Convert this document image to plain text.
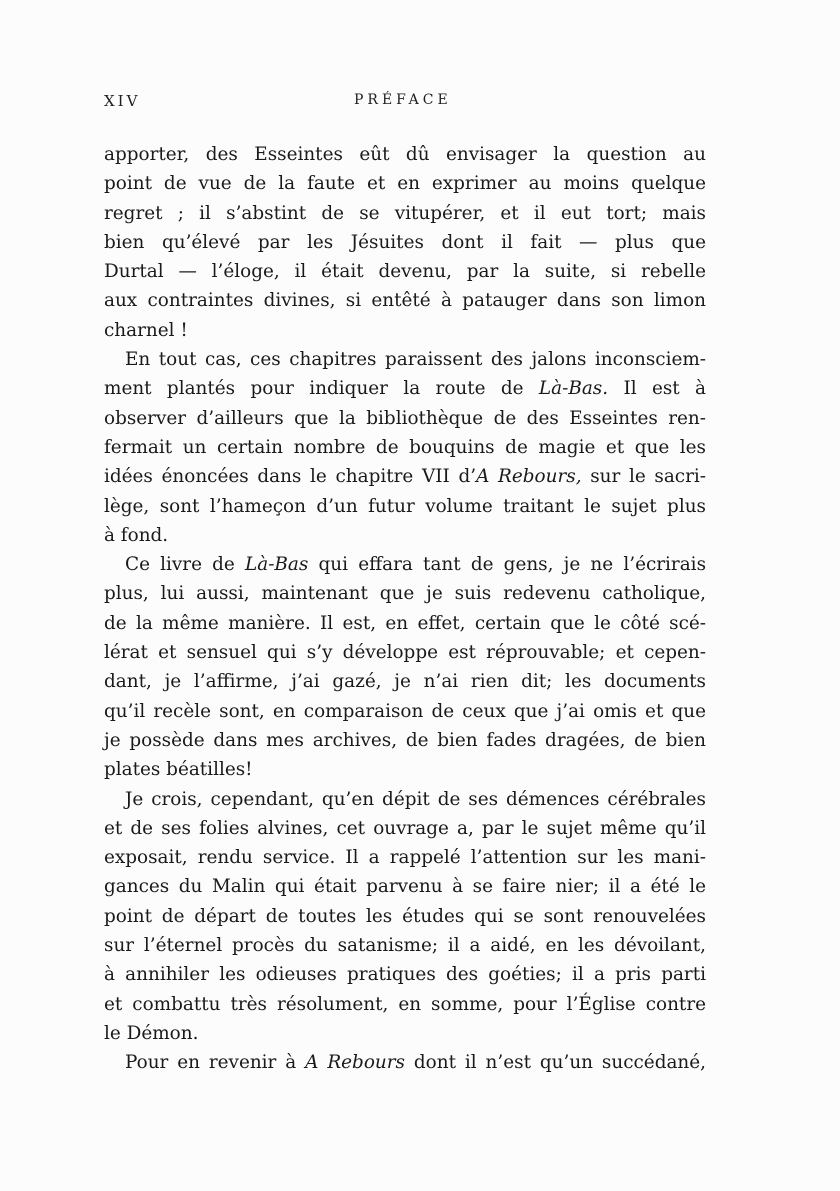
XIV	PRÉFACE
apporter, des Esseintes eût dû envisager la question au
point de vue de la faute et en exprimer au moins quelque
regret ; il s’abstint de se vitupérer, et il eut tort; mais
bien qu’élevé par les Jésuites dont il fait — plus que
Durtal — l’éloge, il était devenu, par la suite, si rebelle
aux contraintes divines, si entêté à patauger dans son limon
charnel !
En tout cas, ces chapitres paraissent des jalons inconsciem-
ment plantés pour indiquer la route de Là-Bas. Il est à
observer d’ailleurs que la bibliothèque de des Esseintes ren-
fermait un certain nombre de bouquins de magie et que les
idées énoncées dans le chapitre VII d’A Rebours, sur le sacri-
lège, sont l’hameçon d’un futur volume traitant le sujet plus
à fond.
Ce livre de Là-Bas qui effara tant de gens, je ne l’écrirais
plus, lui aussi, maintenant que je suis redevenu catholique,
de la même manière. Il est, en effet, certain que le côté scé-
lérat et sensuel qui s’y développe est réprouvable; et cepen-
dant, je l’affirme, j’ai gazé, je n’ai rien dit; les documents
qu’il recèle sont, en comparaison de ceux que j’ai omis et que
je possède dans mes archives, de bien fades dragées, de bien
plates béatilles!
Je crois, cependant, qu’en dépit de ses démences cérébrales
et de ses folies alvines, cet ouvrage a, par le sujet même qu’il
exposait, rendu service. Il a rappelé l’attention sur les mani-
gances du Malin qui était parvenu à se faire nier; il a été le
point de départ de toutes les études qui se sont renouvelées
sur l’éternel procès du satanisme; il a aidé, en les dévoilant,
à annihiler les odieuses pratiques des goéties; il a pris parti
et combattu très résolument, en somme, pour l’Église contre
le Démon.
Pour en revenir à A Rebours dont il n’est qu’un succédané,
